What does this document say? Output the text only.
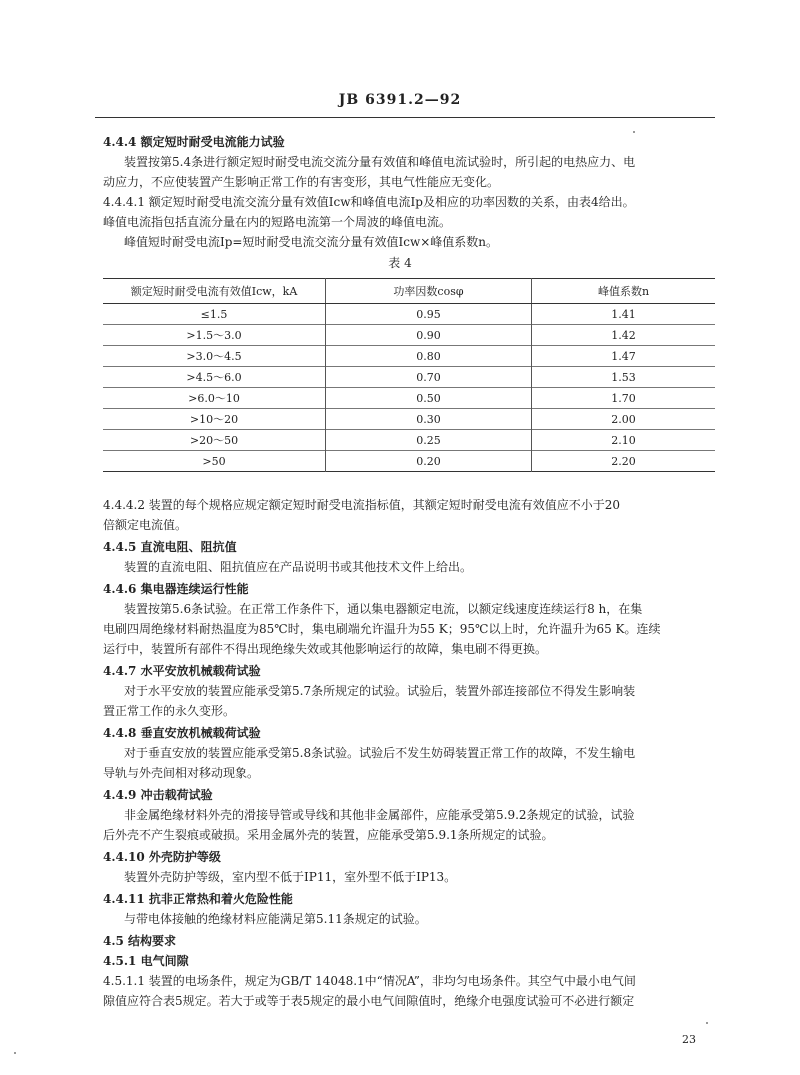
JB 6391.2—92
4.4.4 额定短时耐受电流能力试验
装置按第5.4条进行额定短时耐受电流交流分量有效值和峰值电流试验时，所引起的电热应力、电
动应力，不应使装置产生影响正常工作的有害变形，其电气性能应无变化。
4.4.4.1 额定短时耐受电流交流分量有效值Icw和峰值电流Ip及相应的功率因数的关系，由表4给出。
峰值电流指包括直流分量在内的短路电流第一个周波的峰值电流。
峰值短时耐受电流Ip=短时耐受电流交流分量有效值Icw×峰值系数n。
表 4
额定短时耐受电流有效值Icw，kA	功率因数cosφ	峰值系数n
≤1.5	0.95	1.41
>1.5～3.0	0.90	1.42
>3.0～4.5	0.80	1.47
>4.5～6.0	0.70	1.53
>6.0～10	0.50	1.70
>10～20	0.30	2.00
>20～50	0.25	2.10
>50	0.20	2.20
4.4.4.2 装置的每个规格应规定额定短时耐受电流指标值，其额定短时耐受电流有效值应不小于20
倍额定电流值。
4.4.5 直流电阻、阻抗值
装置的直流电阻、阻抗值应在产品说明书或其他技术文件上给出。
4.4.6 集电器连续运行性能
装置按第5.6条试验。在正常工作条件下，通以集电器额定电流，以额定线速度连续运行8 h，在集
电刷四周绝缘材料耐热温度为85℃时，集电刷端允许温升为55 K；95℃以上时，允许温升为65 K。连续
运行中，装置所有部件不得出现绝缘失效或其他影响运行的故障，集电刷不得更换。
4.4.7 水平安放机械载荷试验
对于水平安放的装置应能承受第5.7条所规定的试验。试验后，装置外部连接部位不得发生影响装
置正常工作的永久变形。
4.4.8 垂直安放机械载荷试验
对于垂直安放的装置应能承受第5.8条试验。试验后不发生妨碍装置正常工作的故障，不发生输电
导轨与外壳间相对移动现象。
4.4.9 冲击载荷试验
非金属绝缘材料外壳的滑接导管或导线和其他非金属部件，应能承受第5.9.2条规定的试验，试验
后外壳不产生裂痕或破损。采用金属外壳的装置，应能承受第5.9.1条所规定的试验。
4.4.10 外壳防护等级
装置外壳防护等级，室内型不低于IP11，室外型不低于IP13。
4.4.11 抗非正常热和着火危险性能
与带电体接触的绝缘材料应能满足第5.11条规定的试验。
4.5 结构要求
4.5.1 电气间隙
4.5.1.1 装置的电场条件，规定为GB/T 14048.1中“情况A”，非均匀电场条件。其空气中最小电气间
隙值应符合表5规定。若大于或等于表5规定的最小电气间隙值时，绝缘介电强度试验可不必进行额定
23
